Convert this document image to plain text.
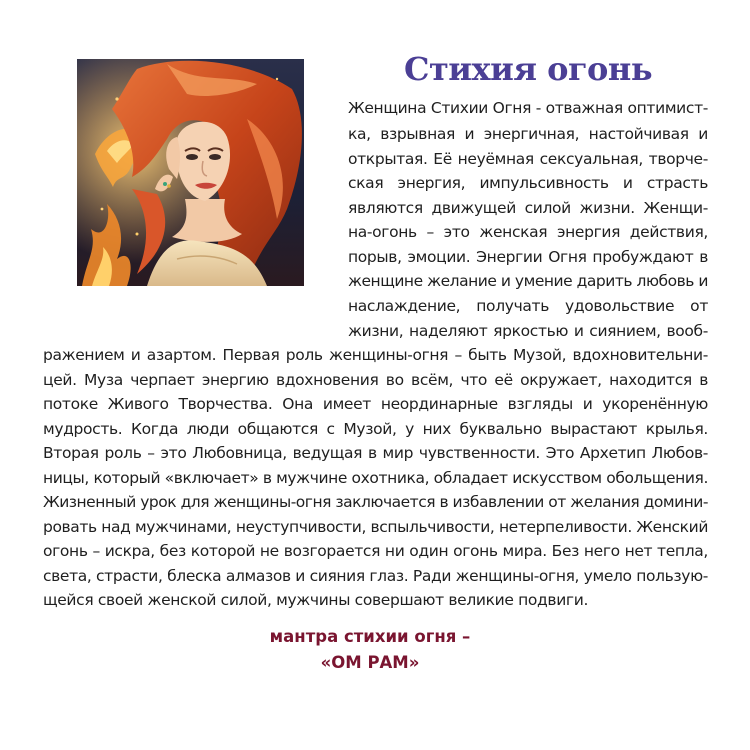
Стихия огонь
Женщина Стихии Огня - отважная оптимист-
ка, взрывная и энергичная, настойчивая и
открытая. Её неуёмная сексуальная, творче-
ская энергия, импульсивность и страсть
являются движущей силой жизни. Женщи-
на-огонь – это женская энергия действия,
порыв, эмоции. Энергии Огня пробуждают в
женщине желание и умение дарить любовь и
наслаждение, получать удовольствие от
жизни, наделяют яркостью и сиянием, вооб-
ражением и азартом. Первая роль женщины-огня – быть Музой, вдохновительни-
цей. Муза черпает энергию вдохновения во всём, что её окружает, находится в
потоке Живого Творчества. Она имеет неординарные взгляды и укоренённую
мудрость. Когда люди общаются с Музой, у них буквально вырастают крылья.
Вторая роль – это Любовница, ведущая в мир чувственности. Это Архетип Любов-
ницы, который «включает» в мужчине охотника, обладает искусством обольщения.
Жизненный урок для женщины-огня заключается в избавлении от желания домини-
ровать над мужчинами, неуступчивости, вспыльчивости, нетерпеливости. Женский
огонь – искра, без которой не возгорается ни один огонь мира. Без него нет тепла,
света, страсти, блеска алмазов и сияния глаз. Ради женщины-огня, умело пользую-
щейся своей женской силой, мужчины совершают великие подвиги.
мантра стихии огня –
«ОМ РАМ»
